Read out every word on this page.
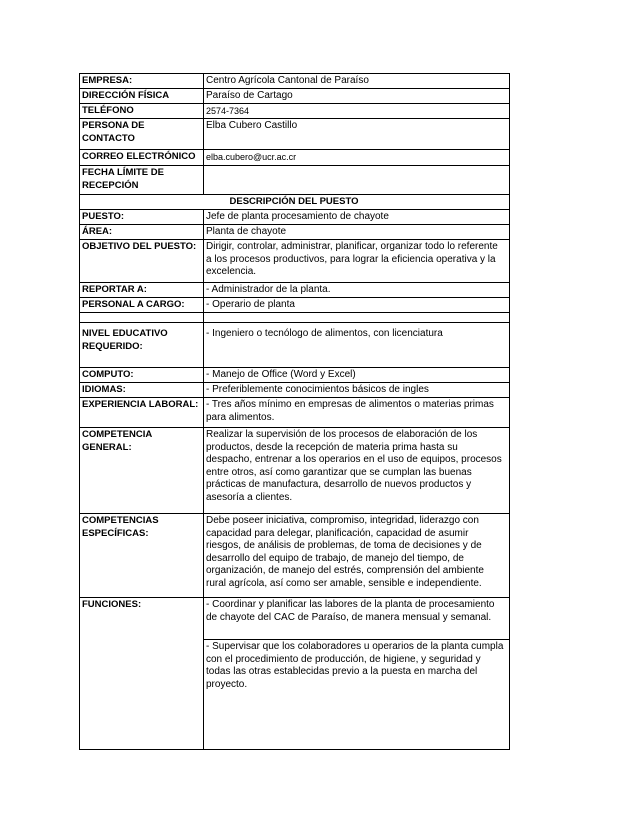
EMPRESA:	Centro Agrícola Cantonal de Paraíso
DIRECCIÓN FÍSICA	Paraíso de Cartago
TELÉFONO	2574-7364
PERSONA DE CONTACTO	Elba Cubero Castillo
CORREO ELECTRÓNICO	elba.cubero@ucr.ac.cr
FECHA LÍMITE DE RECEPCIÓN	
DESCRIPCIÓN DEL PUESTO	
PUESTO:	Jefe de planta procesamiento de chayote
ÁREA:	Planta de chayote
OBJETIVO DEL PUESTO:	Dirigir, controlar, administrar, planificar, organizar todo lo referente a los procesos productivos, para lograr la eficiencia operativa y la excelencia.
REPORTAR A:	- Administrador de la planta.
PERSONAL A CARGO:	- Operario de planta

NIVEL EDUCATIVO REQUERIDO:	- Ingeniero o tecnólogo de alimentos, con licenciatura
COMPUTO:	- Manejo de Office (Word y Excel)
IDIOMAS:	- Preferiblemente conocimientos básicos de ingles
EXPERIENCIA LABORAL:	- Tres años mínimo en empresas de alimentos o materias primas para alimentos.
COMPETENCIA GENERAL:	Realizar la supervisión de los procesos de elaboración de los productos, desde la recepción de materia prima hasta su despacho, entrenar a los operarios en el uso de equipos, procesos entre otros, así como garantizar que se cumplan las buenas prácticas de manufactura, desarrollo de nuevos productos y asesoría a clientes.
COMPETENCIAS ESPECÍFICAS:	Debe poseer iniciativa, compromiso, integridad, liderazgo con capacidad para delegar, planificación, capacidad de asumir riesgos, de análisis de problemas, de toma de decisiones y de desarrollo del equipo de trabajo, de manejo del tiempo, de organización, de manejo del estrés, comprensión del ambiente rural agrícola, así como ser amable, sensible e independiente.
FUNCIONES:	- Coordinar y planificar las labores de la planta de procesamiento de chayote del CAC de Paraíso, de manera mensual y semanal.
	- Supervisar que los colaboradores u operarios de la planta cumpla con el procedimiento de producción, de higiene, y seguridad y todas las otras establecidas previo a la puesta en marcha del proyecto.
